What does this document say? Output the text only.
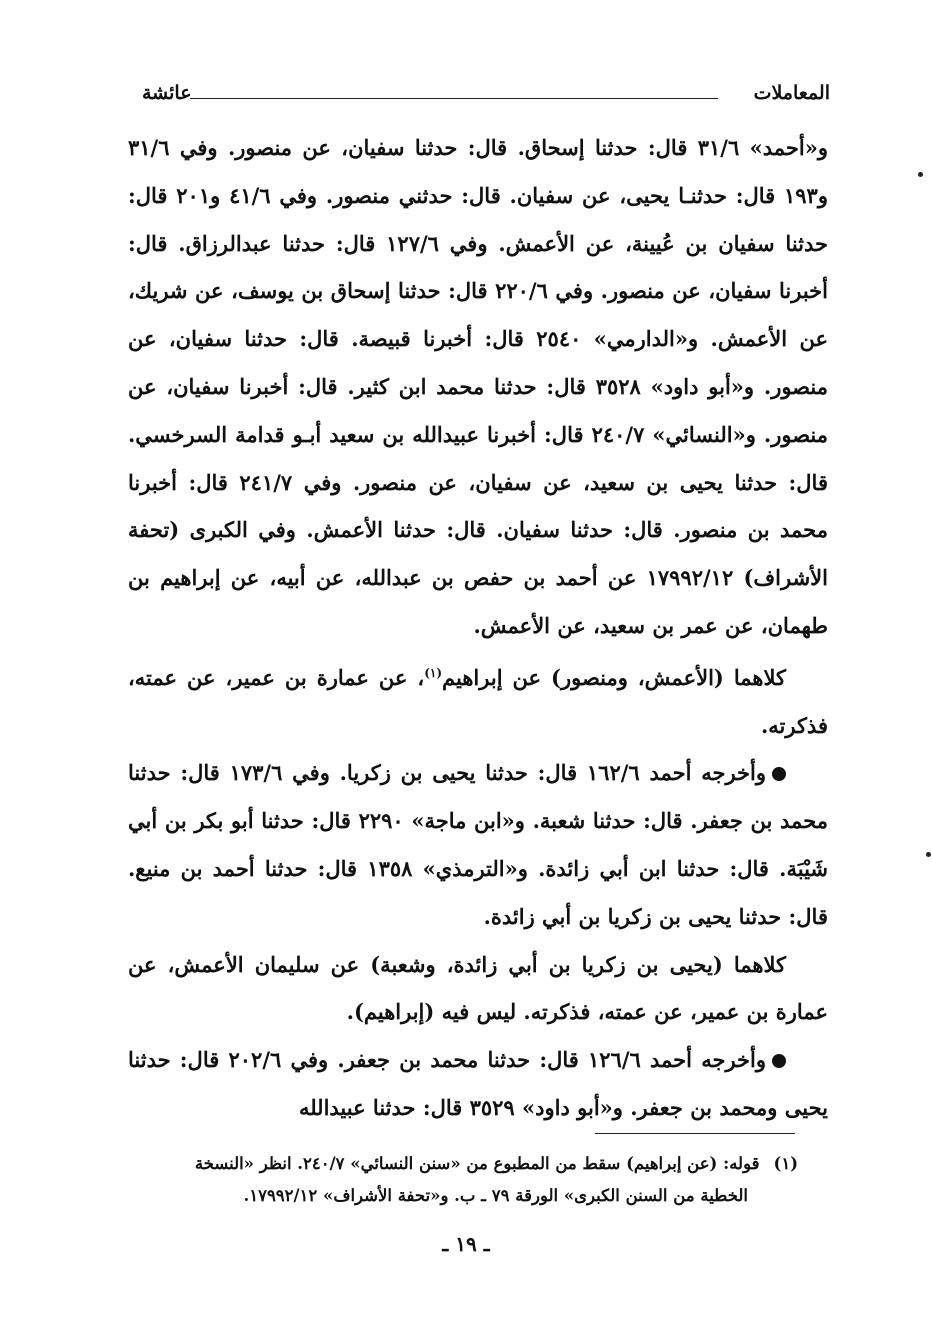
المعاملات
عائشة

و«أحمد» ٣١/٦ قال: حدثنا إسحاق. قال: حدثنا سفيان، عن منصور. وفي ٣١/٦ و١٩٣ قال: حدثنـا يحيى، عن سفيان. قال: حدثني منصور. وفي ٤١/٦ و٢٠١ قال: حدثنا سفيان بن عُيينة، عن الأعمش. وفي ١٢٧/٦ قال: حدثنا عبدالرزاق. قال: أخبرنا سفيان، عن منصور. وفي ٢٢٠/٦ قال: حدثنا إسحاق بن يوسف، عن شريك، عن الأعمش. و«الدارمي» ٢٥٤٠ قال: أخبرنا قبيصة. قال: حدثنا سفيان، عن منصور. و«أبو داود» ٣٥٢٨ قال: حدثنا محمد ابن كثير. قال: أخبرنا سفيان، عن منصور. و«النسائي» ٢٤٠/٧ قال: أخبرنا عبيدالله بن سعيد أبـو قدامة السرخسي. قال: حدثنا يحيى بن سعيد، عن سفيان، عن منصور. وفي ٢٤١/٧ قال: أخبرنا محمد بن منصور. قال: حدثنا سفيان. قال: حدثنا الأعمش. وفي الكبرى (تحفة الأشراف) ١٧٩٩٢/١٢ عن أحمد بن حفص بن عبدالله، عن أبيه، عن إبراهيم بن طهمان، عن عمر بن سعيد، عن الأعمش.

كلاهما (الأعمش، ومنصور) عن إبراهيم$^{(١)}$، عن عمارة بن عمير، عن عمته، فذكرته.

وأخرجه أحمد ١٦٢/٦ قال: حدثنا يحيى بن زكريا. وفي ١٧٣/٦ قال: حدثنا محمد بن جعفر. قال: حدثنا شعبة. و«ابن ماجة» ٢٢٩٠ قال: حدثنا أبو بكر بن أبي شَيْبَة. قال: حدثنا ابن أبي زائدة. و«الترمذي» ١٣٥٨ قال: حدثنا أحمد بن منيع. قال: حدثنا يحيى بن زكريا بن أبي زائدة.

كلاهما (يحيى بن زكريا بن أبي زائدة، وشعبة) عن سليمان الأعمش، عن عمارة بن عمير، عن عمته، فذكرته. ليس فيه (إبراهيم).

وأخرجه أحمد ١٢٦/٦ قال: حدثنا محمد بن جعفر. وفي ٢٠٢/٦ قال: حدثنا يحيى ومحمد بن جعفر. و«أبو داود» ٣٥٢٩ قال: حدثنا عبيدالله

(١)قوله: (عن إبراهيم) سقط من المطبوع من «سنن النسائي» ٢٤٠/٧. انظر «النسخة
الخطية من السنن الكبرى» الورقة ٧٩ ـ ب. و«تحفة الأشراف» ١٧٩٩٢/١٢.
ـ ١٩ ـ
